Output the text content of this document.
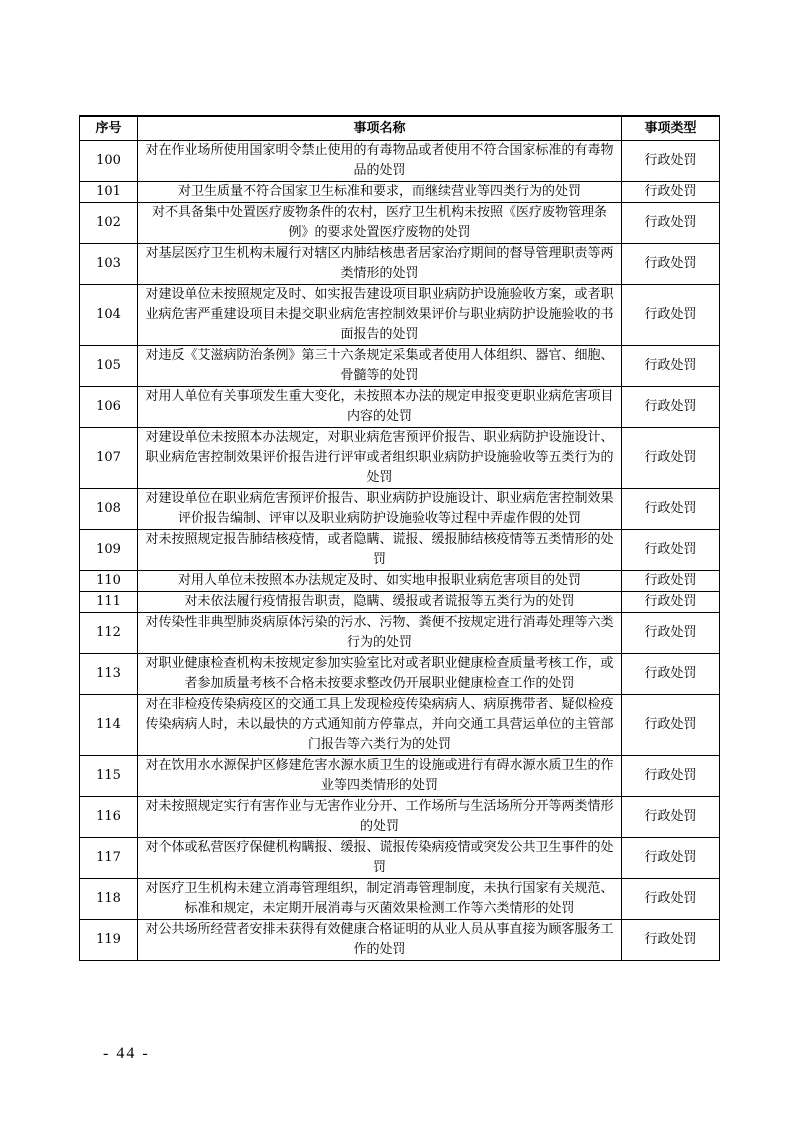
序号	事项名称	事项类型
100	对在作业场所使用国家明令禁止使用的有毒物品或者使用不符合国家标准的有毒物品的处罚	行政处罚
101	对卫生质量不符合国家卫生标准和要求，而继续营业等四类行为的处罚	行政处罚
102	对不具备集中处置医疗废物条件的农村，医疗卫生机构未按照《医疗废物管理条例》的要求处置医疗废物的处罚	行政处罚
103	对基层医疗卫生机构未履行对辖区内肺结核患者居家治疗期间的督导管理职责等两类情形的处罚	行政处罚
104	对建设单位未按照规定及时、如实报告建设项目职业病防护设施验收方案，或者职业病危害严重建设项目未提交职业病危害控制效果评价与职业病防护设施验收的书面报告的处罚	行政处罚
105	对违反《艾滋病防治条例》第三十六条规定采集或者使用人体组织、器官、细胞、骨髓等的处罚	行政处罚
106	对用人单位有关事项发生重大变化，未按照本办法的规定申报变更职业病危害项目内容的处罚	行政处罚
107	对建设单位未按照本办法规定，对职业病危害预评价报告、职业病防护设施设计、职业病危害控制效果评价报告进行评审或者组织职业病防护设施验收等五类行为的处罚	行政处罚
108	对建设单位在职业病危害预评价报告、职业病防护设施设计、职业病危害控制效果评价报告编制、评审以及职业病防护设施验收等过程中弄虚作假的处罚	行政处罚
109	对未按照规定报告肺结核疫情，或者隐瞒、谎报、缓报肺结核疫情等五类情形的处罚	行政处罚
110	对用人单位未按照本办法规定及时、如实地申报职业病危害项目的处罚	行政处罚
111	对未依法履行疫情报告职责，隐瞒、缓报或者谎报等五类行为的处罚	行政处罚
112	对传染性非典型肺炎病原体污染的污水、污物、粪便不按规定进行消毒处理等六类行为的处罚	行政处罚
113	对职业健康检查机构未按规定参加实验室比对或者职业健康检查质量考核工作，或者参加质量考核不合格未按要求整改仍开展职业健康检查工作的处罚	行政处罚
114	对在非检疫传染病疫区的交通工具上发现检疫传染病病人、病原携带者、疑似检疫传染病病人时，未以最快的方式通知前方停靠点，并向交通工具营运单位的主管部门报告等六类行为的处罚	行政处罚
115	对在饮用水水源保护区修建危害水源水质卫生的设施或进行有碍水源水质卫生的作业等四类情形的处罚	行政处罚
116	对未按照规定实行有害作业与无害作业分开、工作场所与生活场所分开等两类情形的处罚	行政处罚
117	对个体或私营医疗保健机构瞒报、缓报、谎报传染病疫情或突发公共卫生事件的处罚	行政处罚
118	对医疗卫生机构未建立消毒管理组织，制定消毒管理制度，未执行国家有关规范、标准和规定，未定期开展消毒与灭菌效果检测工作等六类情形的处罚	行政处罚
119	对公共场所经营者安排未获得有效健康合格证明的从业人员从事直接为顾客服务工作的处罚	行政处罚
- 44 -
